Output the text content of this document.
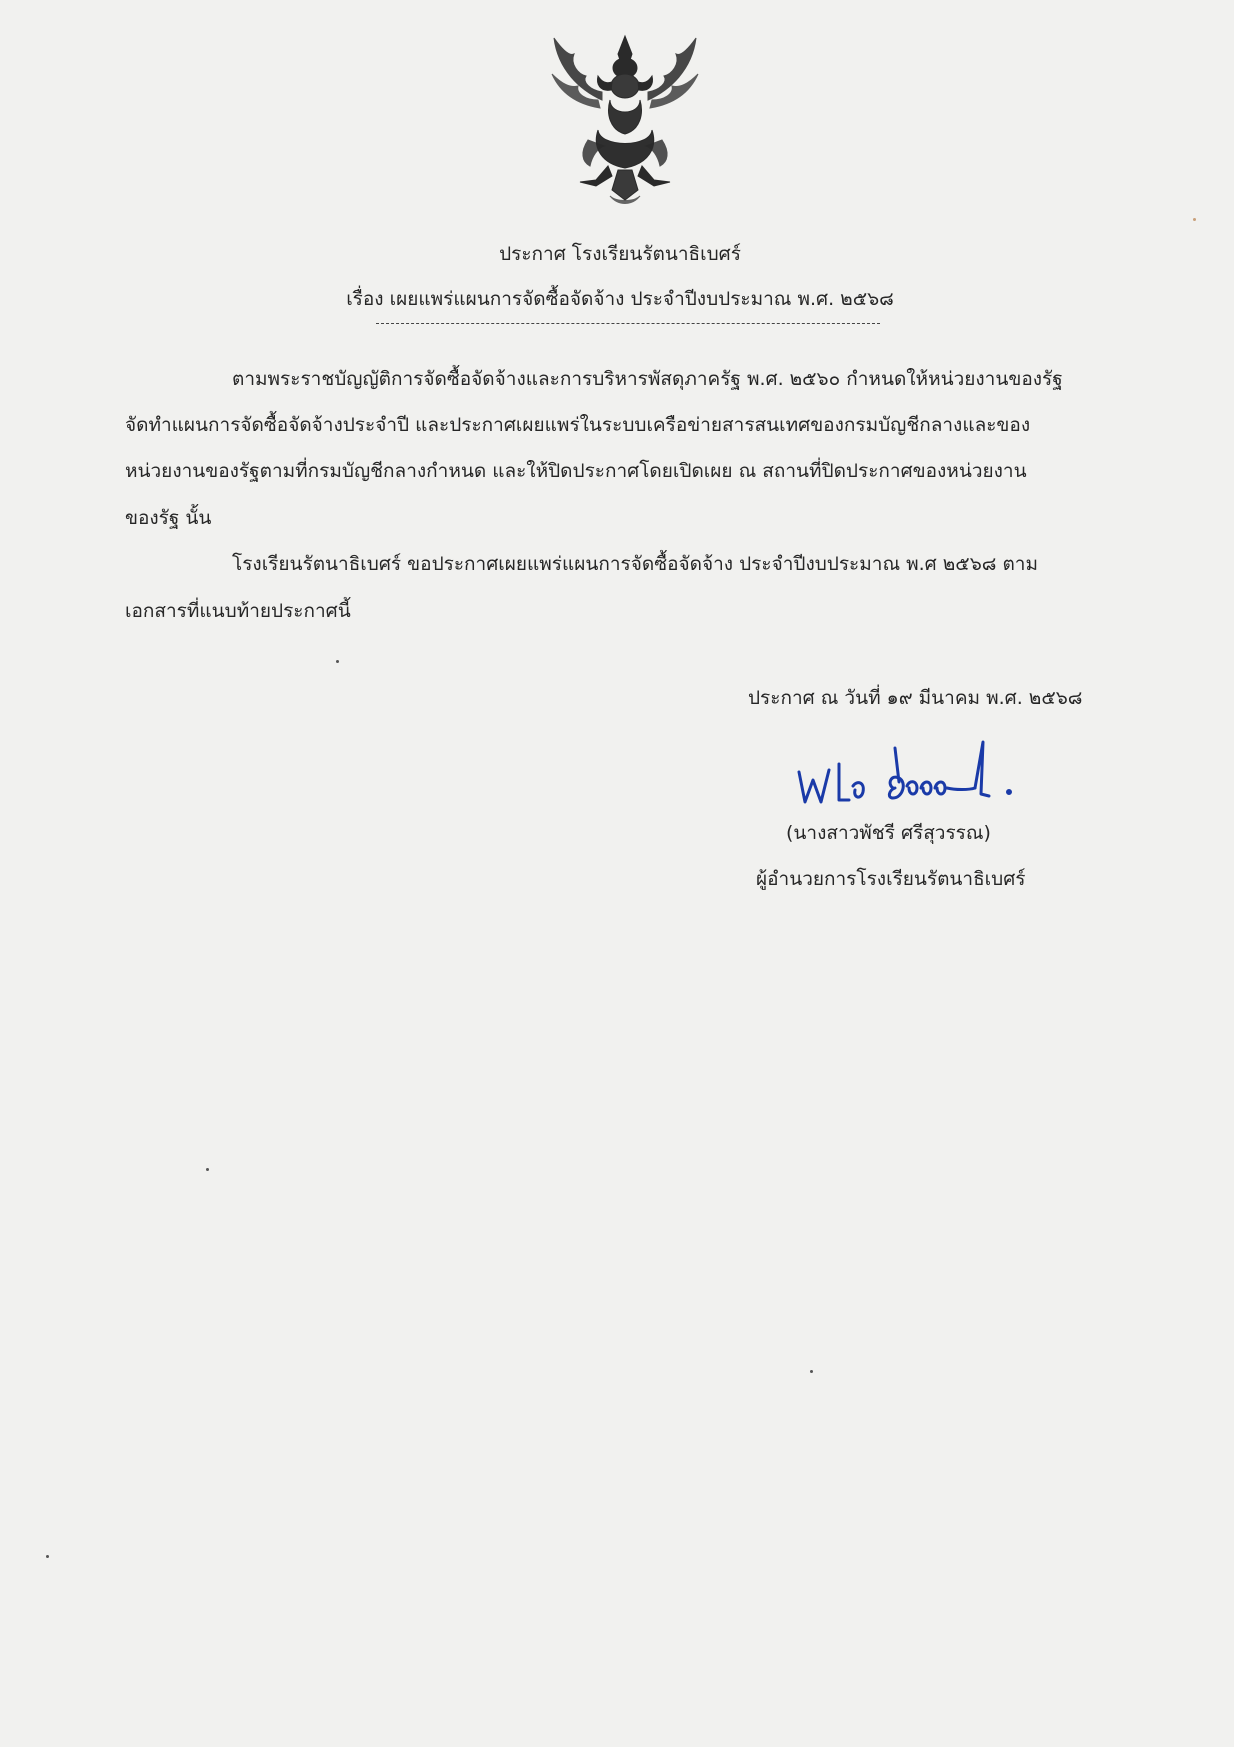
ประกาศ โรงเรียนรัตนาธิเบศร์
เรื่อง เผยแพร่แผนการจัดซื้อจัดจ้าง ประจำปีงบประมาณ พ.ศ. ๒๕๖๘
ตามพระราชบัญญัติการจัดซื้อจัดจ้างและการบริหารพัสดุภาครัฐ พ.ศ. ๒๕๖๐ กำหนดให้หน่วยงานของรัฐ
จัดทำแผนการจัดซื้อจัดจ้างประจำปี และประกาศเผยแพร่ในระบบเครือข่ายสารสนเทศของกรมบัญชีกลางและของ
หน่วยงานของรัฐตามที่กรมบัญชีกลางกำหนด และให้ปิดประกาศโดยเปิดเผย ณ สถานที่ปิดประกาศของหน่วยงาน
ของรัฐ นั้น
โรงเรียนรัตนาธิเบศร์ ขอประกาศเผยแพร่แผนการจัดซื้อจัดจ้าง ประจำปีงบประมาณ พ.ศ ๒๕๖๘ ตาม
เอกสารที่แนบท้ายประกาศนี้
ประกาศ ณ วันที่ ๑๙ มีนาคม พ.ศ. ๒๕๖๘
(นางสาวพัชรี ศรีสุวรรณ)
ผู้อำนวยการโรงเรียนรัตนาธิเบศร์
